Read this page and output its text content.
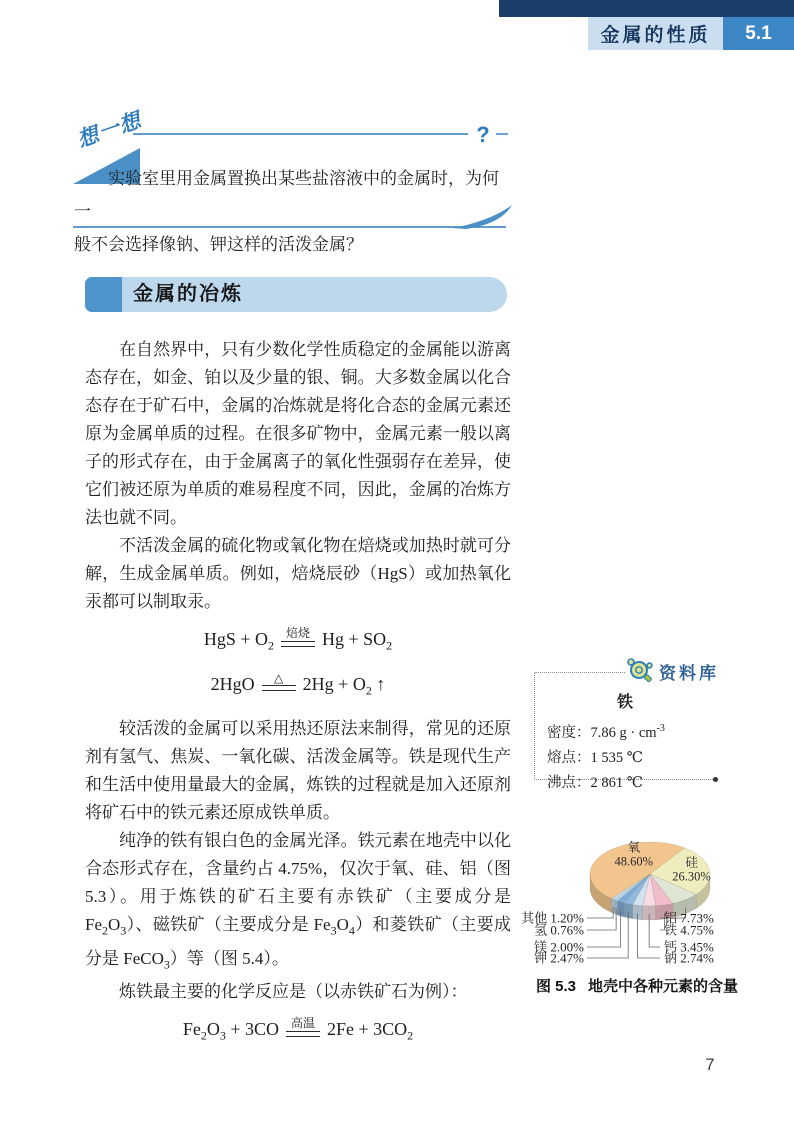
金属的性质	5.1
?
想一想
实验室里用金属置换出某些盐溶液中的金属时，为何一
般不会选择像钠、钾这样的活泼金属？
金属的冶炼

在自然界中，只有少数化学性质稳定的金属能以游离态存在，如金、铂以及少量的银、铜。大多数金属以化合态存在于矿石中，金属的冶炼就是将化合态的金属元素还原为金属单质的过程。在很多矿物中，金属元素一般以离子的形式存在，由于金属离子的氧化性强弱存在差异，使它们被还原为单质的难易程度不同，因此，金属的冶炼方法也就不同。

不活泼金属的硫化物或氧化物在焙烧或加热时就可分解，生成金属单质。例如，焙烧辰砂（HgS）或加热氧化汞都可以制取汞。

HgS + $O_2$
焙烧 $Hg + SO_2$
2HgO	△	$2Hg + O_2$ ↑

较活泼的金属可以采用热还原法来制得，常见的还原剂有氢气、焦炭、一氧化碳、活泼金属等。铁是现代生产和生活中使用量最大的金属，炼铁的过程就是加入还原剂将矿石中的铁元素还原成铁单质。

纯净的铁有银白色的金属光泽。铁元素在地壳中以化合态形式存在，含量约占 4.75%，仅次于氧、硅、铝（图 5.3）。用于炼铁的矿石主要有赤铁矿（主要成分是 $Fe_2O_3$）、磁铁矿（主要成分是 $Fe_3O_4$）和菱铁矿（主要成分是 FeCO$_3$）等（图 5.4）。

炼铁最主要的化学反应是（以赤铁矿石为例）：

$Fe_2O_3 + 3CO$ 高温 $2Fe + 3CO_2$
资料库
铁
密度：7.86 $g \cdot cm^{-3}$
熔点：1 535 ℃
沸点：2 861 ℃
硅
26.30%
铝 7.73%
铁 4.75%
钙 3.45%
钠 2.74%
钾 2.47%
镁 2.00%
氢 0.76%
其他 1.20%
氧
48.60%
图 5.3 地壳中各种元素的含量
7
